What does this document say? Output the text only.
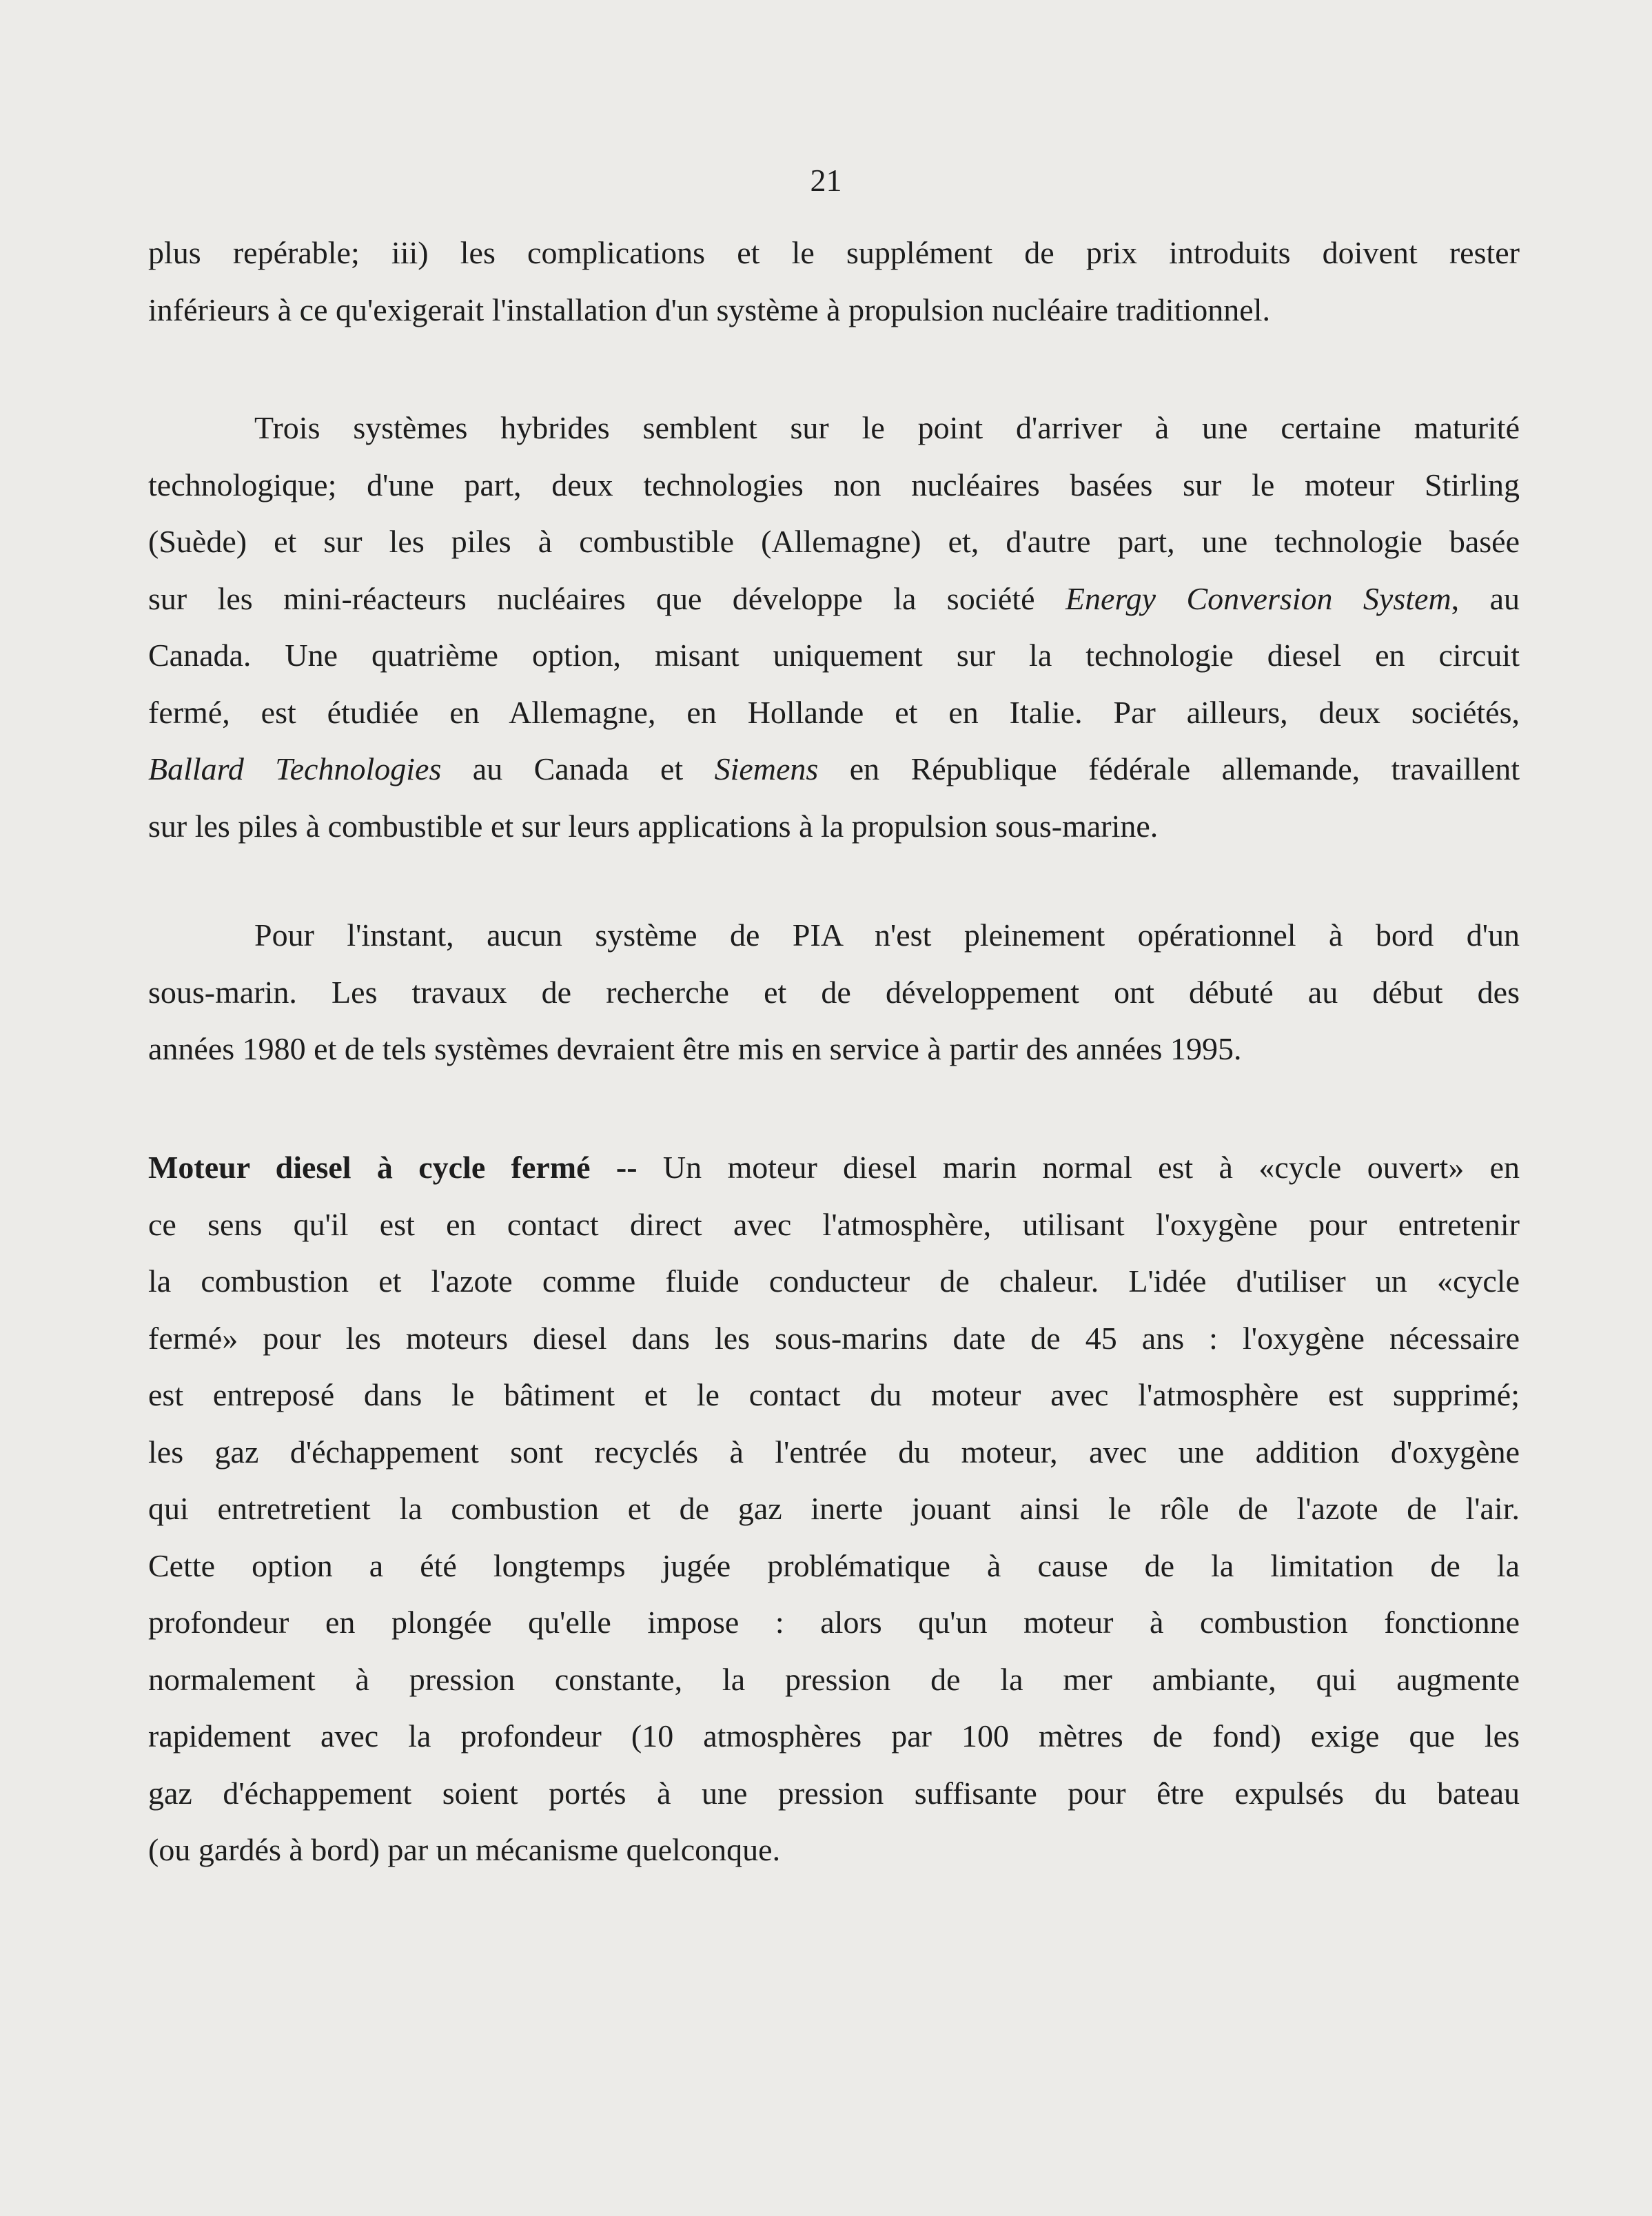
21
plus repérable; iii) les complications et le supplément de prix introduits doivent rester
inférieurs à ce qu'exigerait l'installation d'un système à propulsion nucléaire traditionnel.
Trois systèmes hybrides semblent sur le point d'arriver à une certaine maturité
technologique; d'une part, deux technologies non nucléaires basées sur le moteur Stirling
(Suède) et sur les piles à combustible (Allemagne) et, d'autre part, une technologie basée
sur les mini-réacteurs nucléaires que développe la société Energy Conversion System, au
Canada. Une quatrième option, misant uniquement sur la technologie diesel en circuit
fermé, est étudiée en Allemagne, en Hollande et en Italie. Par ailleurs, deux sociétés,
Ballard Technologies au Canada et Siemens en République fédérale allemande, travaillent
sur les piles à combustible et sur leurs applications à la propulsion sous-marine.
Pour l'instant, aucun système de PIA n'est pleinement opérationnel à bord d'un
sous-marin. Les travaux de recherche et de développement ont débuté au début des
années 1980 et de tels systèmes devraient être mis en service à partir des années 1995.
Moteur diesel à cycle fermé -- Un moteur diesel marin normal est à «cycle ouvert» en
ce sens qu'il est en contact direct avec l'atmosphère, utilisant l'oxygène pour entretenir
la combustion et l'azote comme fluide conducteur de chaleur. L'idée d'utiliser un «cycle
fermé» pour les moteurs diesel dans les sous-marins date de 45 ans : l'oxygène nécessaire
est entreposé dans le bâtiment et le contact du moteur avec l'atmosphère est supprimé;
les gaz d'échappement sont recyclés à l'entrée du moteur, avec une addition d'oxygène
qui entretretient la combustion et de gaz inerte jouant ainsi le rôle de l'azote de l'air.
Cette option a été longtemps jugée problématique à cause de la limitation de la
profondeur en plongée qu'elle impose : alors qu'un moteur à combustion fonctionne
normalement à pression constante, la pression de la mer ambiante, qui augmente
rapidement avec la profondeur (10 atmosphères par 100 mètres de fond) exige que les
gaz d'échappement soient portés à une pression suffisante pour être expulsés du bateau
(ou gardés à bord) par un mécanisme quelconque.
